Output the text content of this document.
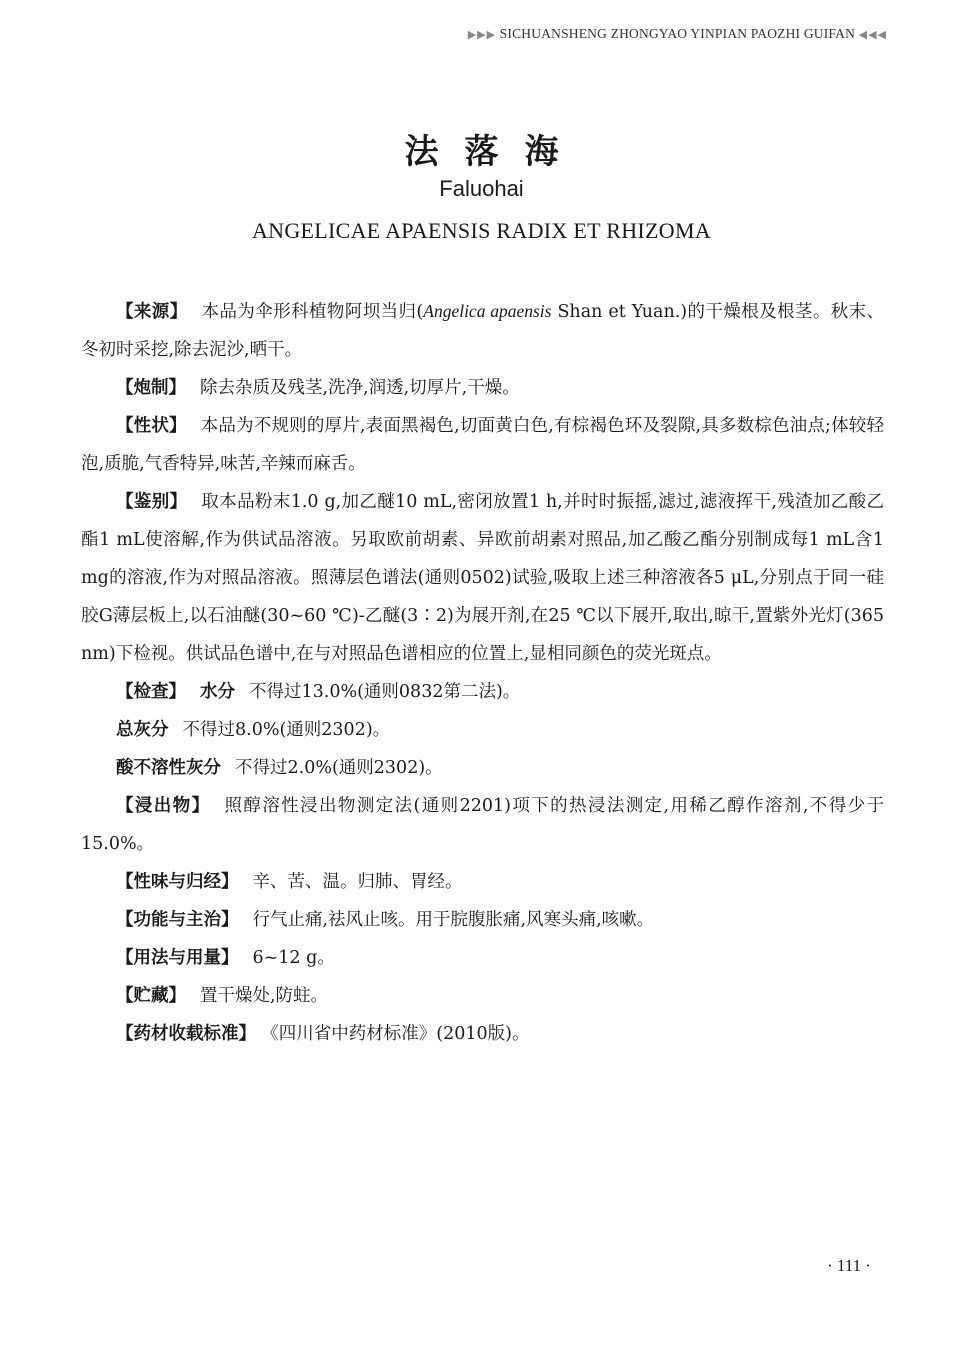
▶▶▶ SICHUANSHENG ZHONGYAO YINPIAN PAOZHI GUIFAN ◀◀◀
法落海
Faluohai
ANGELICAE APAENSIS RADIX ET RHIZOMA

【来源】 本品为伞形科植物阿坝当归(Angelica apaensis Shan et Yuan.)的干燥根及根茎。秋末、冬初时采挖,除去泥沙,晒干。

【炮制】 除去杂质及残茎,洗净,润透,切厚片,干燥。

【性状】 本品为不规则的厚片,表面黑褐色,切面黄白色,有棕褐色环及裂隙,具多数棕色油点;体较轻泡,质脆,气香特异,味苦,辛辣而麻舌。

【鉴别】 取本品粉末1.0 g,加乙醚10 mL,密闭放置1 h,并时时振摇,滤过,滤液挥干,残渣加乙酸乙酯1 mL使溶解,作为供试品溶液。另取欧前胡素、异欧前胡素对照品,加乙酸乙酯分别制成每1 mL含1 mg的溶液,作为对照品溶液。照薄层色谱法(通则0502)试验,吸取上述三种溶液各5 μL,分别点于同一硅胶G薄层板上,以石油醚(30~60 ℃)-乙醚(3∶2)为展开剂,在25 ℃以下展开,取出,晾干,置紫外光灯(365 nm)下检视。供试品色谱中,在与对照品色谱相应的位置上,显相同颜色的荧光斑点。

【检查】 水分 不得过13.0%(通则0832第二法)。

总灰分 不得过8.0%(通则2302)。

酸不溶性灰分 不得过2.0%(通则2302)。

【浸出物】 照醇溶性浸出物测定法(通则2201)项下的热浸法测定,用稀乙醇作溶剂,不得少于15.0%。

【性味与归经】 辛、苦、温。归肺、胃经。

【功能与主治】 行气止痛,祛风止咳。用于脘腹胀痛,风寒头痛,咳嗽。

【用法与用量】 6~12 g。

【贮藏】 置干燥处,防蛀。

【药材收载标准】 《四川省中药材标准》(2010版)。

· 111 ·
